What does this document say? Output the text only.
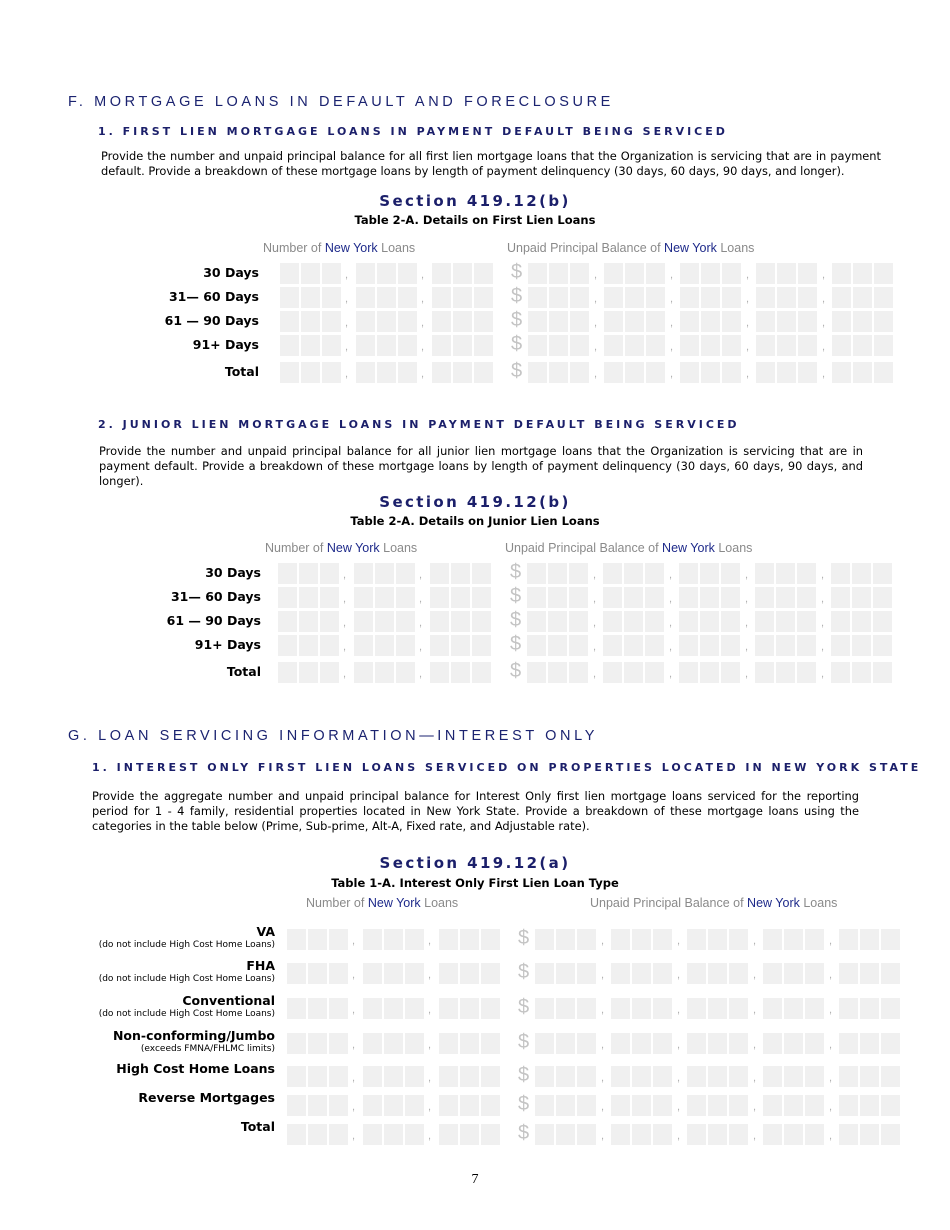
F. MORTGAGE LOANS IN DEFAULT AND FORECLOSURE
1. FIRST LIEN MORTGAGE LOANS IN PAYMENT DEFAULT BEING SERVICED
Provide the number and unpaid principal balance for all first lien mortgage loans that the Organization is servicing that are in payment default. Provide a breakdown of these mortgage loans by length of payment delinquency (30 days, 60 days, 90 days, and longer).
Section 419.12(b)
Table 2-A. Details on First Lien Loans
Number of New York Loans	Unpaid Principal Balance of New York Loans
30 Days	,	,	$	,	,	,	,
31— 60 Days	,	,	$	,	,	,	,
61 — 90 Days	,	,	$	,	,	,	,
91+ Days	,	,	$	,	,	,	,
Total	,	,	$	,	,	,	,
2. JUNIOR LIEN MORTGAGE LOANS IN PAYMENT DEFAULT BEING SERVICED
Provide the number and unpaid principal balance for all junior lien mortgage loans that the Organization is servicing that are in payment default. Provide a breakdown of these mortgage loans by length of payment delinquency (30 days, 60 days, 90 days, and longer).
Section 419.12(b)
Table 2-A. Details on Junior Lien Loans
Number of New York Loans	Unpaid Principal Balance of New York Loans
30 Days	,	,	$	,	,	,	,
31— 60 Days	,	,	$	,	,	,	,
61 — 90 Days	,	,	$	,	,	,	,
91+ Days	,	,	$	,	,	,	,
Total	,	,	$	,	,	,	,
G. LOAN SERVICING INFORMATION—INTEREST ONLY
1. INTEREST ONLY FIRST LIEN LOANS SERVICED ON PROPERTIES LOCATED IN NEW YORK STATE
Provide the aggregate number and unpaid principal balance for Interest Only first lien mortgage loans serviced for the reporting period for 1 - 4 family, residential properties located in New York State. Provide a breakdown of these mortgage loans using the categories in the table below (Prime, Sub-prime, Alt-A, Fixed rate, and Adjustable rate).
Section 419.12(a)
Table 1-A. Interest Only First Lien Loan Type
Number of New York Loans	Unpaid Principal Balance of New York Loans
VA
(do not include High Cost Home Loans)	,	,	$	,	,	,	,
FHA
(do not include High Cost Home Loans)	,	,	$	,	,	,	,
Conventional
(do not include High Cost Home Loans)	,	,	$	,	,	,	,
Non-conforming/Jumbo
(exceeds FMNA/FHLMC limits)	,	,	$	,	,	,	,
High Cost Home Loans
,	,	$	,	,	,	,
Reverse Mortgages
,	,	$	,	,	,	,
Total
,	,	$	,	,	,	,
7
